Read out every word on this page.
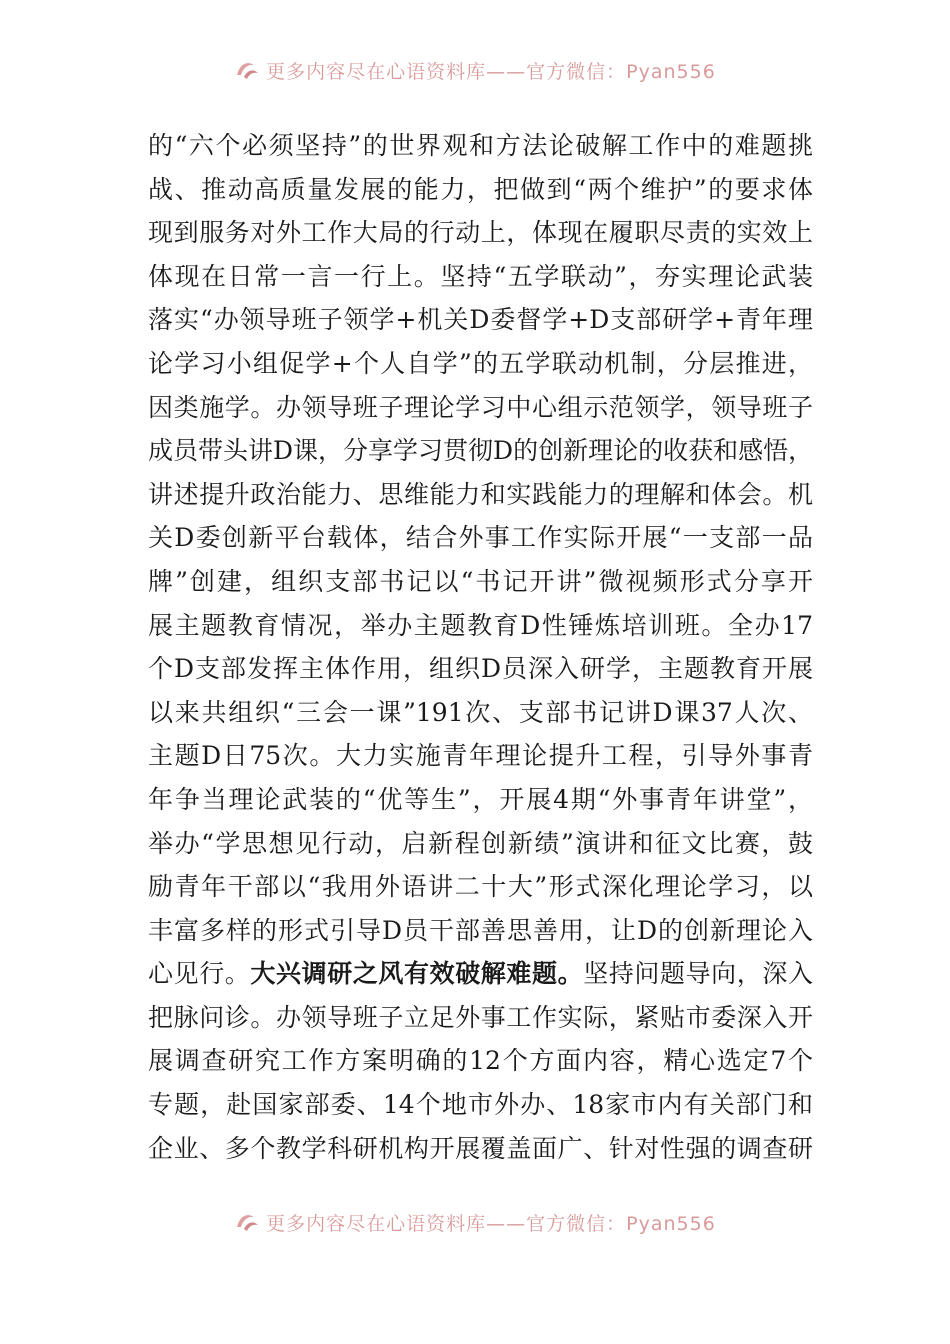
更多内容尽在心语资料库——官方微信：Pyan556
的“六个必须坚持”的世界观和方法论破解工作中的难题挑
战、推动高质量发展的能力，把做到“两个维护”的要求体
现到服务对外工作大局的行动上，体现在履职尽责的实效上
体现在日常一言一行上。坚持“五学联动”，夯实理论武装
落实“办领导班子领学+机关D委督学+D支部研学+青年理
论学习小组促学+个人自学”的五学联动机制，分层推进，
因类施学。办领导班子理论学习中心组示范领学，领导班子
成员带头讲D课，分享学习贯彻D的创新理论的收获和感悟，
讲述提升政治能力、思维能力和实践能力的理解和体会。机
关D委创新平台载体，结合外事工作实际开展“一支部一品
牌”创建，组织支部书记以“书记开讲”微视频形式分享开
展主题教育情况，举办主题教育D性锤炼培训班。全办17
个D支部发挥主体作用，组织D员深入研学，主题教育开展
以来共组织“三会一课”191次、支部书记讲D课37人次、
主题D日75次。大力实施青年理论提升工程，引导外事青
年争当理论武装的“优等生”，开展4期“外事青年讲堂”，
举办“学思想见行动，启新程创新绩”演讲和征文比赛，鼓
励青年干部以“我用外语讲二十大”形式深化理论学习，以
丰富多样的形式引导D员干部善思善用，让D的创新理论入
心见行。大兴调研之风有效破解难题。坚持问题导向，深入
把脉问诊。办领导班子立足外事工作实际，紧贴市委深入开
展调查研究工作方案明确的12个方面内容，精心选定7个
专题，赴国家部委、14个地市外办、18家市内有关部门和
企业、多个教学科研机构开展覆盖面广、针对性强的调查研
更多内容尽在心语资料库——官方微信：Pyan556
